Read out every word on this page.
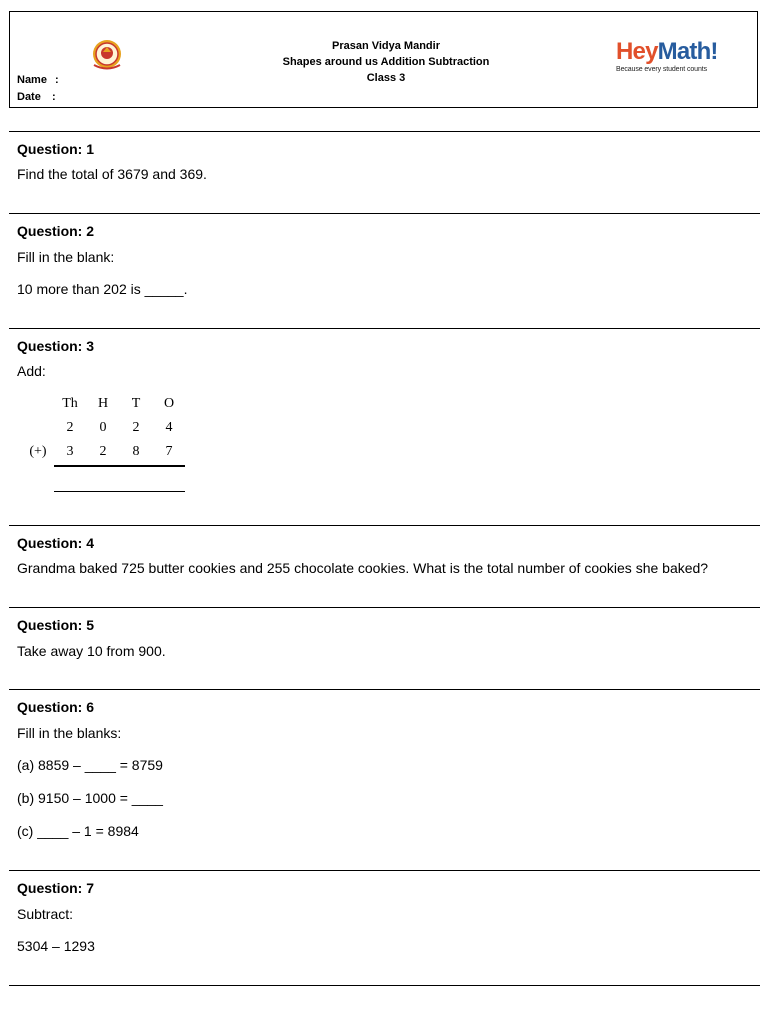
Prasan Vidya Mandir
Shapes around us Addition Subtraction
Class 3
Name :
Date :
HeyMath!
Because every student counts
Question: 1
Find the total of 3679 and 369.
Question: 2
Fill in the blank:
10 more than 202 is _____.
Question: 3
Add:
Th	H	T	O
2	0	2	4
(+)	3	2	8	7
Question: 4
Grandma baked 725 butter cookies and 255 chocolate cookies. What is the total number of cookies she baked?
Question: 5
Take away 10 from 900.
Question: 6
Fill in the blanks:
(a) 8859 – ____ = 8759
(b) 9150 – 1000 = ____
(c) ____ – 1 = 8984
Question: 7
Subtract:
5304 – 1293
